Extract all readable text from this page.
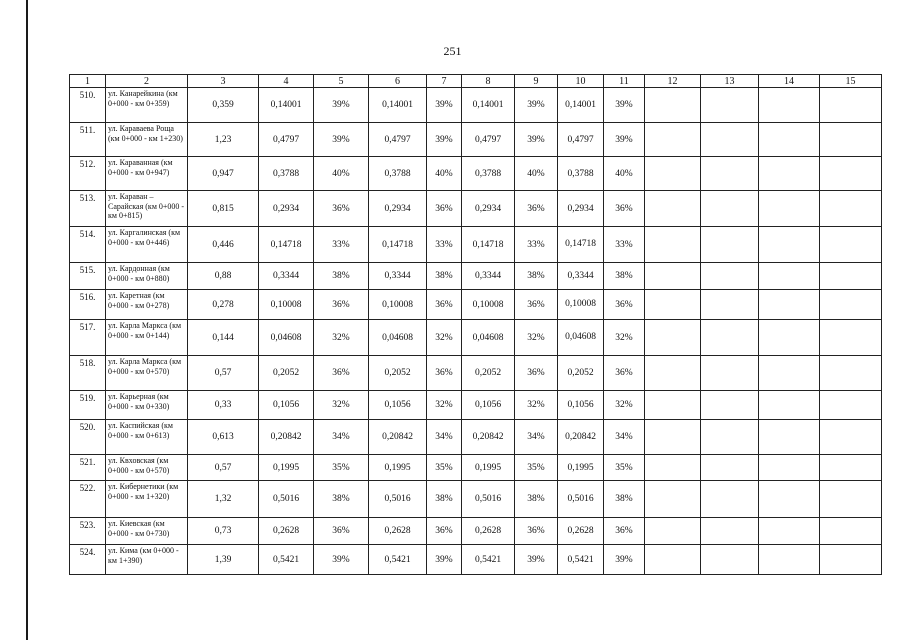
251
1	2	3	4	5	6	7	8	9	10	11	12	13	14	15
510.	ул. Канарейкина (км 0+000 - км 0+359)	0,359	0,14001	39%	0,14001	39%	0,14001	39%	0,14001	39%				
511.	ул. Караваева Роща (км 0+000 - км 1+230)	1,23	0,4797	39%	0,4797	39%	0,4797	39%	0,4797	39%				
512.	ул. Караванная (км 0+000 - км 0+947)	0,947	0,3788	40%	0,3788	40%	0,3788	40%	0,3788	40%				
513.	ул. Караван – Сарайская (км 0+000 - км 0+815)	0,815	0,2934	36%	0,2934	36%	0,2934	36%	0,2934	36%				
514.	ул. Каргалинская (км 0+000 - км 0+446)	0,446	0,14718	33%	0,14718	33%	0,14718	33%	0,14718	33%				
515.	ул. Кардонная (км 0+000 - км 0+880)	0,88	0,3344	38%	0,3344	38%	0,3344	38%	0,3344	38%				
516.	ул. Каретная (км 0+000 - км 0+278)	0,278	0,10008	36%	0,10008	36%	0,10008	36%	0,10008	36%				
517.	ул. Карла Маркса (км 0+000 - км 0+144)	0,144	0,04608	32%	0,04608	32%	0,04608	32%	0,04608	32%				
518.	ул. Карла Маркса (км 0+000 - км 0+570)	0,57	0,2052	36%	0,2052	36%	0,2052	36%	0,2052	36%				
519.	ул. Карьерная (км 0+000 - км 0+330)	0,33	0,1056	32%	0,1056	32%	0,1056	32%	0,1056	32%				
520.	ул. Каспийская (км 0+000 - км 0+613)	0,613	0,20842	34%	0,20842	34%	0,20842	34%	0,20842	34%				
521.	ул. Квховская (км 0+000 - км 0+570)	0,57	0,1995	35%	0,1995	35%	0,1995	35%	0,1995	35%				
522.	ул. Кибернетики (км 0+000 - км 1+320)	1,32	0,5016	38%	0,5016	38%	0,5016	38%	0,5016	38%				
523.	ул. Киевская (км 0+000 - км 0+730)	0,73	0,2628	36%	0,2628	36%	0,2628	36%	0,2628	36%				
524.	ул. Кима (км 0+000 - км 1+390)	1,39	0,5421	39%	0,5421	39%	0,5421	39%	0,5421	39%				
